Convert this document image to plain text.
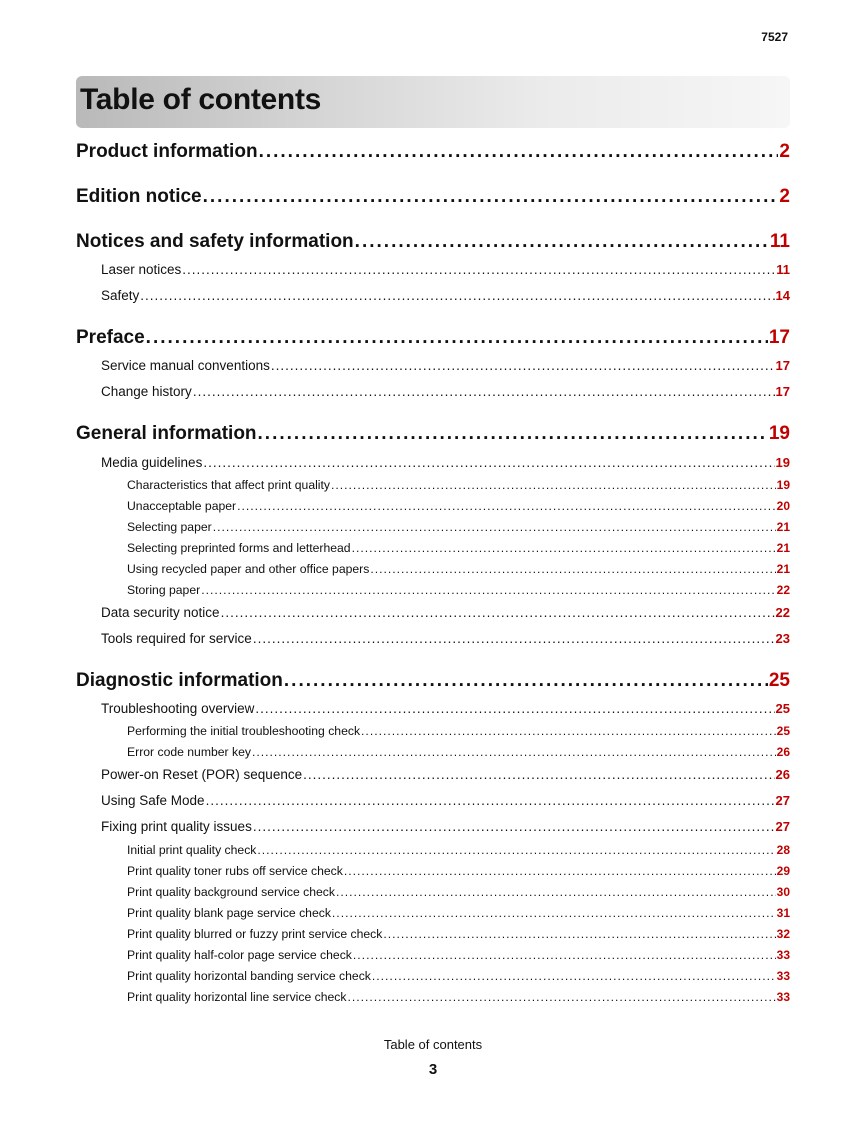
7527
Table of contents
Product information .....	2
Edition notice .....	2
Notices and safety information .....	11
Laser notices .....	11
Safety .....	14
Preface .....	17
Service manual conventions .....	17
Change history .....	17
General information .....	19
Media guidelines .....	19
Characteristics that affect print quality .....	19
Unacceptable paper .....	20
Selecting paper .....	21
Selecting preprinted forms and letterhead .....	21
Using recycled paper and other office papers .....	21
Storing paper .....	22
Data security notice .....	22
Tools required for service .....	23
Diagnostic information .....	25
Troubleshooting overview .....	25
Performing the initial troubleshooting check .....	25
Error code number key .....	26
Power-on Reset (POR) sequence .....	26
Using Safe Mode .....	27
Fixing print quality issues .....	27
Initial print quality check .....	28
Print quality toner rubs off service check .....	29
Print quality background service check .....	30
Print quality blank page service check .....	31
Print quality blurred or fuzzy print service check .....	32
Print quality half-color page service check .....	33
Print quality horizontal banding service check .....	33
Print quality horizontal line service check .....	33
Table of contents
3
